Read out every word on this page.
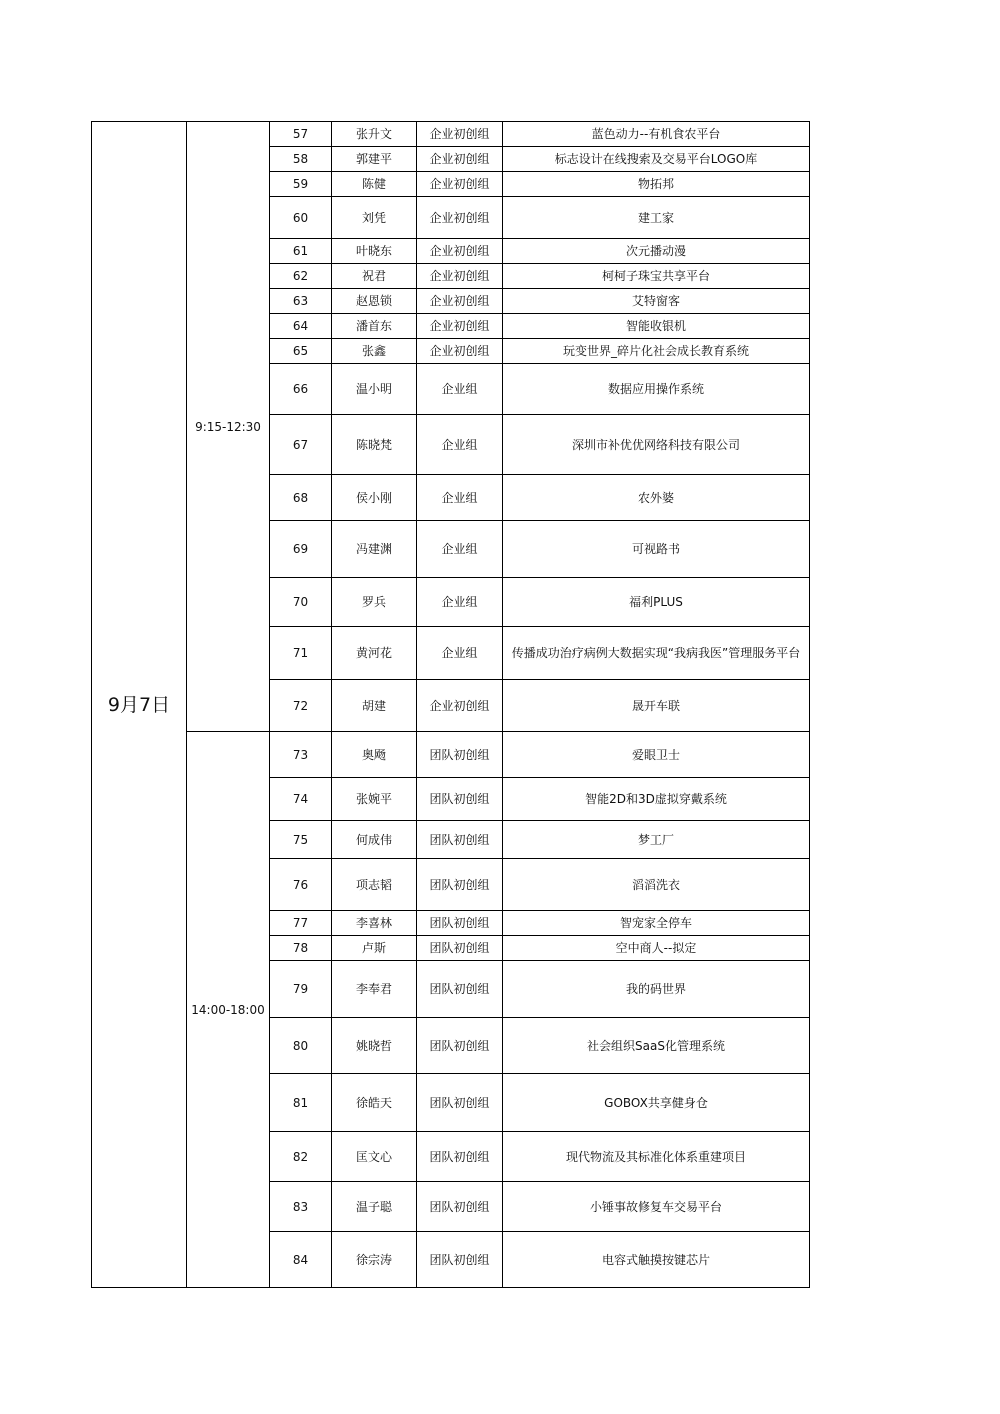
9月7日	9:15-12:30	57	张升文	企业初创组	蓝色动力--有机食农平台
		58	郭建平	企业初创组	标志设计在线搜索及交易平台LOGO库
		59	陈健	企业初创组	物拓邦
		60	刘凭	企业初创组	建工家
		61	叶晓东	企业初创组	次元播动漫
		62	祝君	企业初创组	柯柯子珠宝共享平台
		63	赵恩锁	企业初创组	艾特窗客
		64	潘首东	企业初创组	智能收银机
		65	张鑫	企业初创组	玩变世界_碎片化社会成长教育系统
		66	温小明	企业组	数据应用操作系统
		67	陈晓梵	企业组	深圳市补优优网络科技有限公司
		68	侯小刚	企业组	农外婆
		69	冯建渊	企业组	可视路书
		70	罗兵	企业组	福利PLUS
		71	黄河花	企业组	传播成功治疗病例大数据实现“我病我医”管理服务平台
		72	胡建	企业初创组	晟开车联
	14:00-18:00	73	奥飏	团队初创组	爱眼卫士
		74	张婉平	团队初创组	智能2D和3D虚拟穿戴系统
		75	何成伟	团队初创组	梦工厂
		76	项志韬	团队初创组	滔滔洗衣
		77	李喜林	团队初创组	智宠家全停车
		78	卢斯	团队初创组	空中商人--拟定
		79	李奉君	团队初创组	我的码世界
		80	姚晓哲	团队初创组	社会组织SaaS化管理系统
		81	徐皓天	团队初创组	GOBOX共享健身仓
		82	匡文心	团队初创组	现代物流及其标准化体系重建项目
		83	温子聪	团队初创组	小锤事故修复车交易平台
		84	徐宗涛	团队初创组	电容式触摸按键芯片
